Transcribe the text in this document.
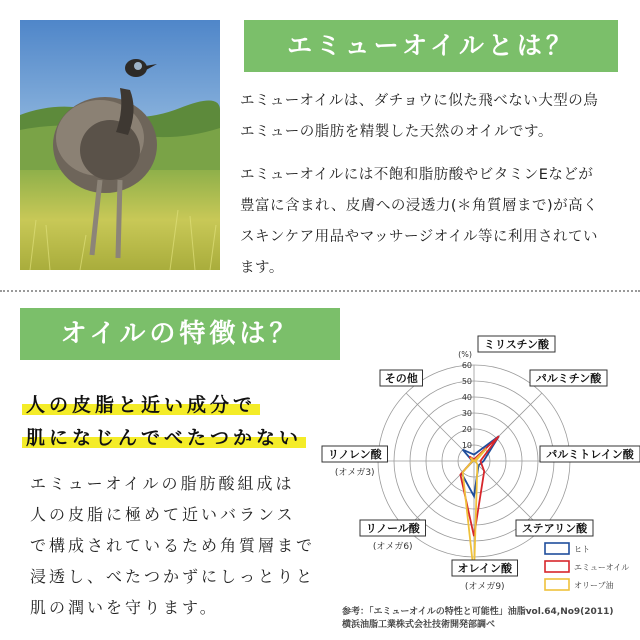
エミューオイルとは？
エミューオイルは、ダチョウに似た飛べない大型の鳥
エミューの脂肪を精製した天然のオイルです。
エミューオイルには不飽和脂肪酸やビタミンEなどが
豊富に含まれ、皮膚への浸透力(＊角質層まで)が高く
スキンケア用品やマッサージオイル等に利用されてい
ます。
オイルの特徴は？
人の皮脂と近い成分で
肌になじんでべたつかない
エミューオイルの脂肪酸組成は
人の皮脂に極めて近いバランス
で構成されているため角質層まで
浸透し、べたつかずにしっとりと
肌の潤いを守ります。
10
20
30
40
50
60
(%)
ミリスチン酸
パルミチン酸
パルミトレイン酸
ステアリン酸
オレイン酸
(オメガ9)
リノール酸
(オメガ6)
リノレン酸
(オメガ3)
その他
ヒト
エミューオイル
オリーブ油
参考：「エミューオイルの特性と可能性」油脂vol.64,No9(2011)
横浜油脂工業株式会社技術開発部調べ
